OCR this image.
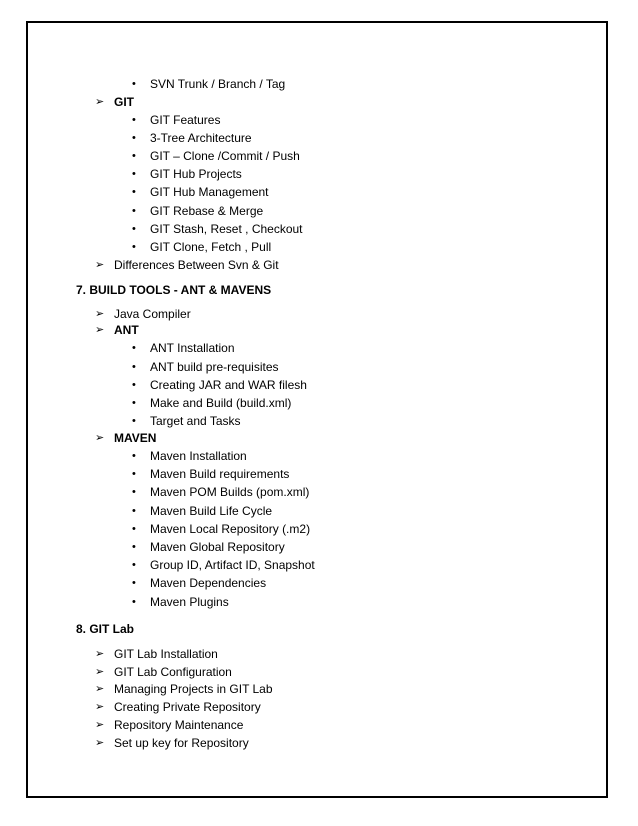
• SVN Trunk / Branch / Tag
➢ GIT
• GIT Features
• 3-Tree Architecture
• GIT – Clone /Commit / Push
• GIT Hub Projects
• GIT Hub Management
• GIT Rebase & Merge
• GIT Stash, Reset , Checkout
• GIT Clone, Fetch , Pull
➢ Differences Between Svn & Git
7. BUILD TOOLS - ANT & MAVENS
➢ Java Compiler
➢ ANT
• ANT Installation
• ANT build pre-requisites
• Creating JAR and WAR filesh
• Make and Build (build.xml)
• Target and Tasks
➢ MAVEN
• Maven Installation
• Maven Build requirements
• Maven POM Builds (pom.xml)
• Maven Build Life Cycle
• Maven Local Repository (.m2)
• Maven Global Repository
• Group ID, Artifact ID, Snapshot
• Maven Dependencies
• Maven Plugins
8. GIT Lab
➢ GIT Lab Installation
➢ GIT Lab Configuration
➢ Managing Projects in GIT Lab
➢ Creating Private Repository
➢ Repository Maintenance
➢ Set up key for Repository
